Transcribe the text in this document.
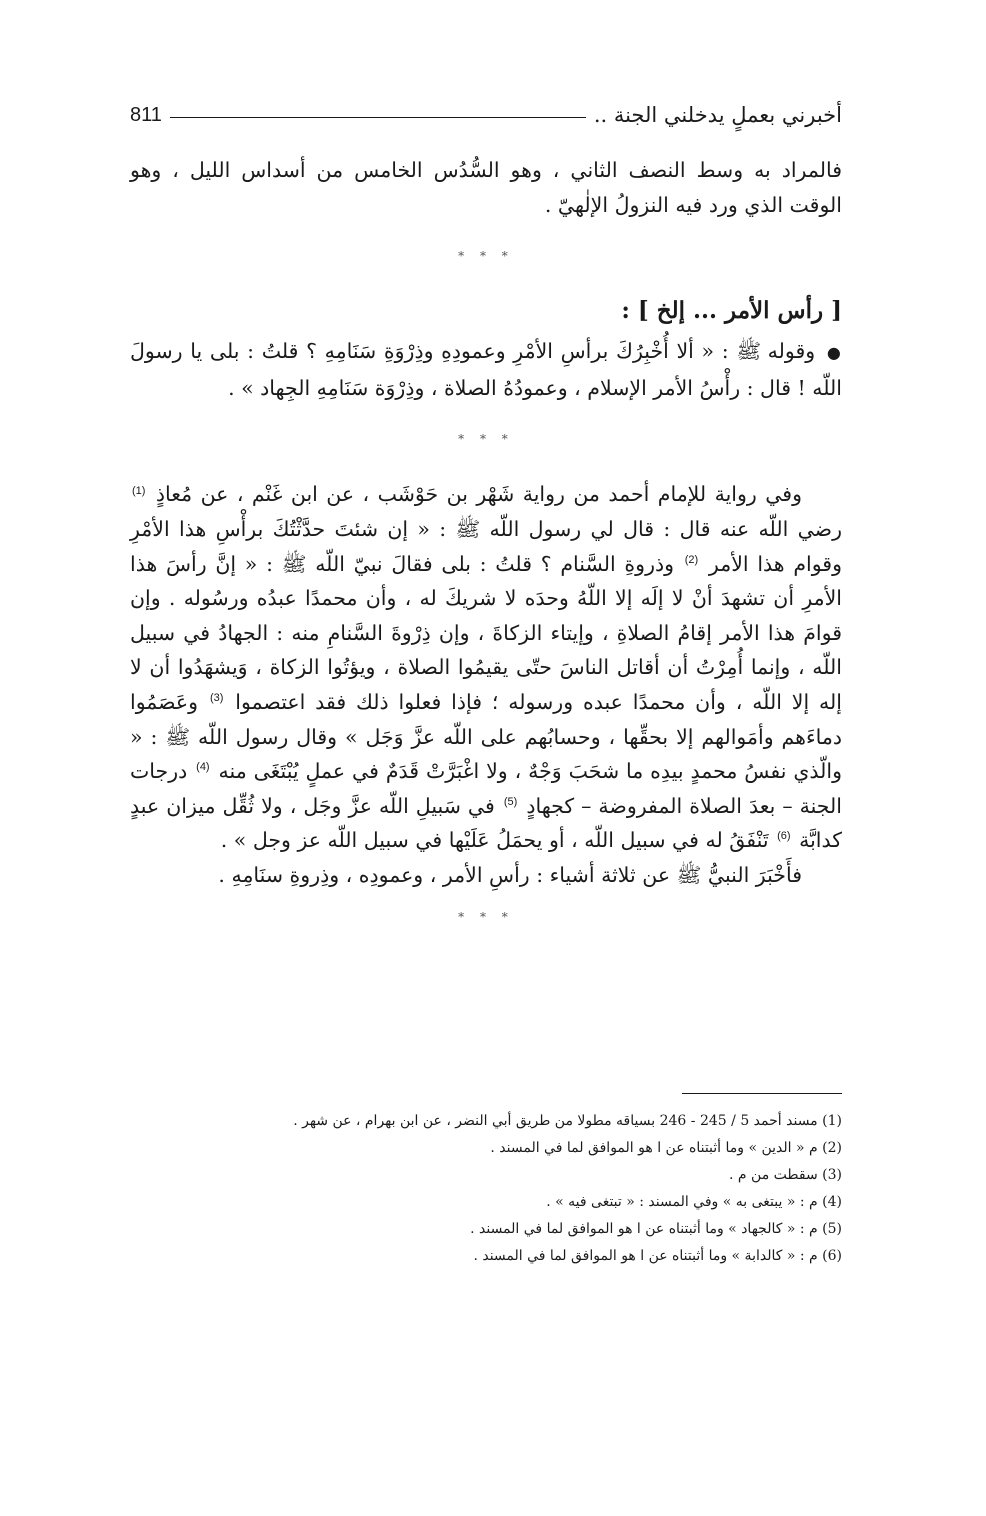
أخبرني بعملٍ يدخلني الجنة ..
811

فالمراد به وسط النصف الثاني ، وهو السُّدُس الخامس من أسداس الليل ، وهو الوقت الذي ورد فيه النزولُ الإلٰهيّ .

* * *
[ رأس الأمر ... إلخ ] :

● وقوله ﷺ : « ألا أُخْبِرُكَ برأسِ الأمْرِ وعمودِهِ وذِرْوَةِ سَنَامِهِ ؟ قلتُ : بلى يا رسولَ اللّه ! قال : رأْسُ الأمر الإسلام ، وعمودُهُ الصلاة ، وذِرْوَة سَنَامِهِ الجِهاد » .

* * *

وفي رواية للإمام أحمد من رواية شَهْر بن حَوْشَب ، عن ابن غَنْم ، عن مُعاذٍ $^{(1)}$ رضي اللّه عنه قال : قال لي رسول اللّه ﷺ : « إن شئتَ حدَّثْتُكَ برأْسِ هذا الأمْرِ وقوام هذا الأمر $^{(2)}$ وذروةِ السَّنام ؟ قلتُ : بلى فقالَ نبيّ اللّه ﷺ : « إنَّ رأسَ هذا الأمرِ أن تشهدَ أنْ لا إلَه إلا اللّهُ وحدَه لا شريكَ له ، وأن محمدًا عبدُه ورسُوله . وإن قوامَ هذا الأمر إقامُ الصلاةِ ، وإيتاء الزكاةَ ، وإن ذِرْوةَ السَّنامِ منه : الجهادُ في سبيل اللّه ، وإنما أُمِرْتُ أن أقاتل الناسَ حتّى يقيمُوا الصلاة ، ويؤتُوا الزكاة ، وَيشهَدُوا أن لا إله إلا اللّه ، وأن محمدًا عبده ورسوله ؛ فإذا فعلوا ذلك فقد اعتصموا $^{(3)}$ وعَصَمُوا دماءَهم وأمَوالهم إلا بحقِّها ، وحسابُهم على اللّه عزَّ وَجَل » وقال رسول اللّه ﷺ : « والّذي نفسُ محمدٍ بيدِه ما شحَبَ وَجْهٌ ، ولا اغْبَرَّتْ قَدَمٌ في عملٍ يُبْتَغَى منه $^{(4)}$ درجات الجنة – بعدَ الصلاة المفروضة – كجهادٍ $^{(5)}$ في سَبيلِ اللّه عزَّ وجَل ، ولا ثُقِّل ميزان عبدٍ كدابَّة $^{(6)}$ تَنْفَقُ له في سبيل اللّه ، أو يحمَلُ عَلَيْها في سبيل اللّه عز وجل » .

فأَخْبَرَ النبيُّ ﷺ عن ثلاثة أشياء : رأسِ الأمر ، وعمودِه ، وذِروةِ سنَامِهِ .

* * *

(1) مسند أحمد 5 / 245 - 246 بسياقه مطولا من طريق أبي النضر ، عن ابن بهرام ، عن شهر .

(2) م « الدين » وما أثبتناه عن ا هو الموافق لما في المسند .

(3) سقطت من م .

(4) م : « يبتغى به » وفي المسند : « تبتغى فيه » .

(5) م : « كالجهاد » وما أثبتناه عن ا هو الموافق لما في المسند .

(6) م : « كالدابة » وما أثبتناه عن ا هو الموافق لما في المسند .
